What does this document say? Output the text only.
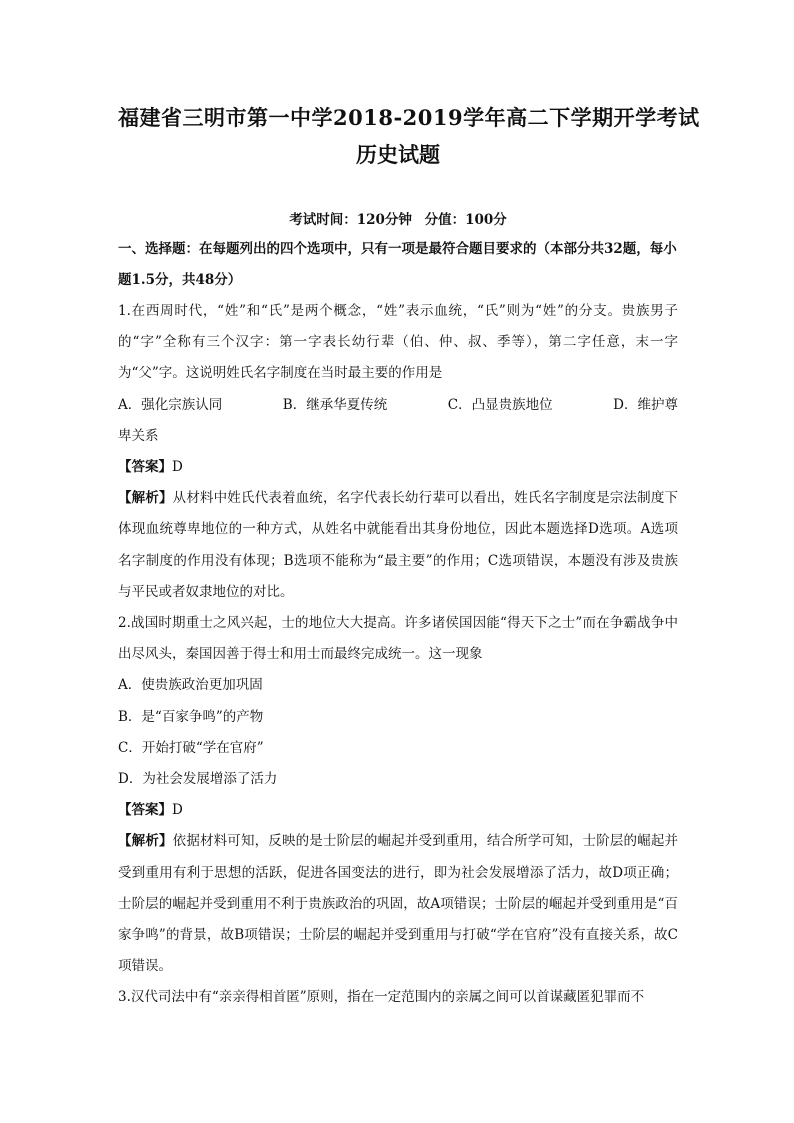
福建省三明市第一中学2018-2019学年高二下学期开学考试
历史试题
考试时间：120分钟 分值：100分
一、选择题：在每题列出的四个选项中，只有一项是最符合题目要求的（本部分共32题，每小题1.5分，共48分）

1.在西周时代，“姓”和“氏”是两个概念，“姓”表示血统，“氏”则为“姓”的分支。贵族男子的“字”全称有三个汉字：第一字表长幼行辈（伯、仲、叔、季等），第二字任意，末一字为“父”字。这说明姓氏名字制度在当时最主要的作用是

A．强化宗族认同	B．继承华夏传统	C．凸显贵族地位	D．维护尊

卑关系

【答案】D

【解析】从材料中姓氏代表着血统，名字代表长幼行辈可以看出，姓氏名字制度是宗法制度下体现血统尊卑地位的一种方式，从姓名中就能看出其身份地位，因此本题选择D选项。A选项名字制度的作用没有体现；B选项不能称为“最主要”的作用；C选项错误，本题没有涉及贵族与平民或者奴隶地位的对比。

2.战国时期重士之风兴起，士的地位大大提高。许多诸侯国因能“得天下之士”而在争霸战争中出尽风头，秦国因善于得士和用士而最终完成统一。这一现象

A．使贵族政治更加巩固

B．是“百家争鸣”的产物

C．开始打破“学在官府”

D．为社会发展增添了活力

【答案】D

【解析】依据材料可知，反映的是士阶层的崛起并受到重用，结合所学可知，士阶层的崛起并受到重用有利于思想的活跃，促进各国变法的进行，即为社会发展增添了活力，故D项正确；士阶层的崛起并受到重用不利于贵族政治的巩固，故A项错误；士阶层的崛起并受到重用是“百家争鸣”的背景，故B项错误；士阶层的崛起并受到重用与打破“学在官府”没有直接关系，故C项错误。

3.汉代司法中有“亲亲得相首匿”原则，指在一定范围内的亲属之间可以首谋藏匿犯罪而不
